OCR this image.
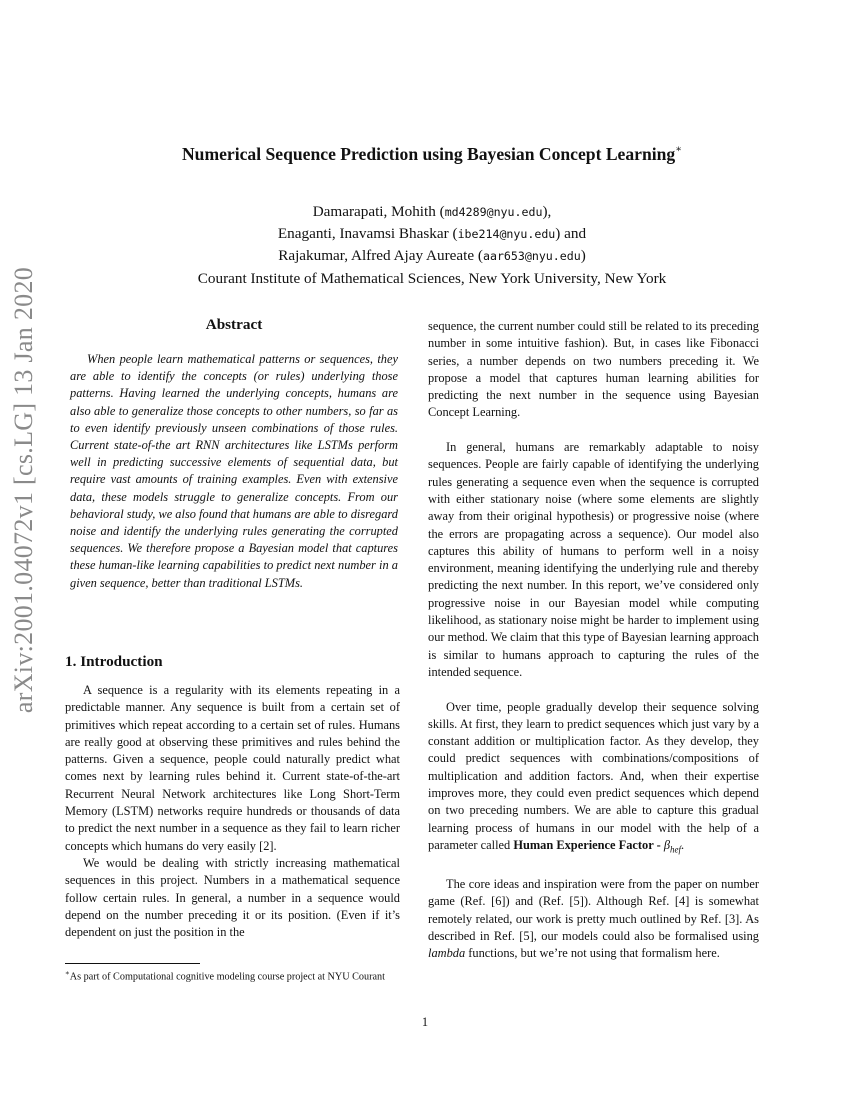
arXiv:2001.04072v1 [cs.LG] 13 Jan 2020
Numerical Sequence Prediction using Bayesian Concept Learning∗
Damarapati, Mohith (md4289@nyu.edu),
Enaganti, Inavamsi Bhaskar (ibe214@nyu.edu) and
Rajakumar, Alfred Ajay Aureate (aar653@nyu.edu)
Courant Institute of Mathematical Sciences, New York University, New York
Abstract
When people learn mathematical patterns or sequences, they are able to identify the concepts (or rules) underlying those patterns. Having learned the underlying concepts, humans are also able to generalize those concepts to other numbers, so far as to even identify previously unseen combinations of those rules. Current state-of-the art RNN architectures like LSTMs perform well in predicting successive elements of sequential data, but require vast amounts of training examples. Even with extensive data, these models struggle to generalize concepts. From our behavioral study, we also found that humans are able to disregard noise and identify the underlying rules generating the corrupted sequences. We therefore propose a Bayesian model that captures these human-like learning capabilities to predict next number in a given sequence, better than traditional LSTMs.
1. Introduction

A sequence is a regularity with its elements repeating in a predictable manner. Any sequence is built from a certain set of primitives which repeat according to a certain set of rules. Humans are really good at observing these primitives and rules behind the patterns. Given a sequence, people could naturally predict what comes next by learning rules behind it. Current state-of-the-art Recurrent Neural Network architectures like Long Short-Term Memory (LSTM) networks require hundreds or thousands of data to predict the next number in a sequence as they fail to learn richer concepts which humans do very easily [2].

We would be dealing with strictly increasing mathematical sequences in this project. Numbers in a mathematical sequence follow certain rules. In general, a number in a sequence would depend on the number preceding it or its position. (Even if it’s dependent on just the position in the

sequence, the current number could still be related to its preceding number in some intuitive fashion). But, in cases like Fibonacci series, a number depends on two numbers preceding it. We propose a model that captures human learning abilities for predicting the next number in the sequence using Bayesian Concept Learning.

In general, humans are remarkably adaptable to noisy sequences. People are fairly capable of identifying the underlying rules generating a sequence even when the sequence is corrupted with either stationary noise (where some elements are slightly away from their original hypothesis) or progressive noise (where the errors are propagating across a sequence). Our model also captures this ability of humans to perform well in a noisy environment, meaning identifying the underlying rule and thereby predicting the next number. In this report, we’ve considered only progressive noise in our Bayesian model while computing likelihood, as stationary noise might be harder to implement using our method. We claim that this type of Bayesian learning approach is similar to humans approach to capturing the rules of the intended sequence.

Over time, people gradually develop their sequence solving skills. At first, they learn to predict sequences which just vary by a constant addition or multiplication factor. As they develop, they could predict sequences with combinations/compositions of multiplication and addition factors. And, when their expertise improves more, they could even predict sequences which depend on two preceding numbers. We are able to capture this gradual learning process of humans in our model with the help of a parameter called Human Experience Factor - $\beta_{hef}$.

The core ideas and inspiration were from the paper on number game (Ref. [6]) and (Ref. [5]). Although Ref. [4] is somewhat remotely related, our work is pretty much outlined by Ref. [3]. As described in Ref. [5], our models could also be formalised using lambda functions, but we’re not using that formalism here.

∗As part of Computational cognitive modeling course project at NYU Courant
1
